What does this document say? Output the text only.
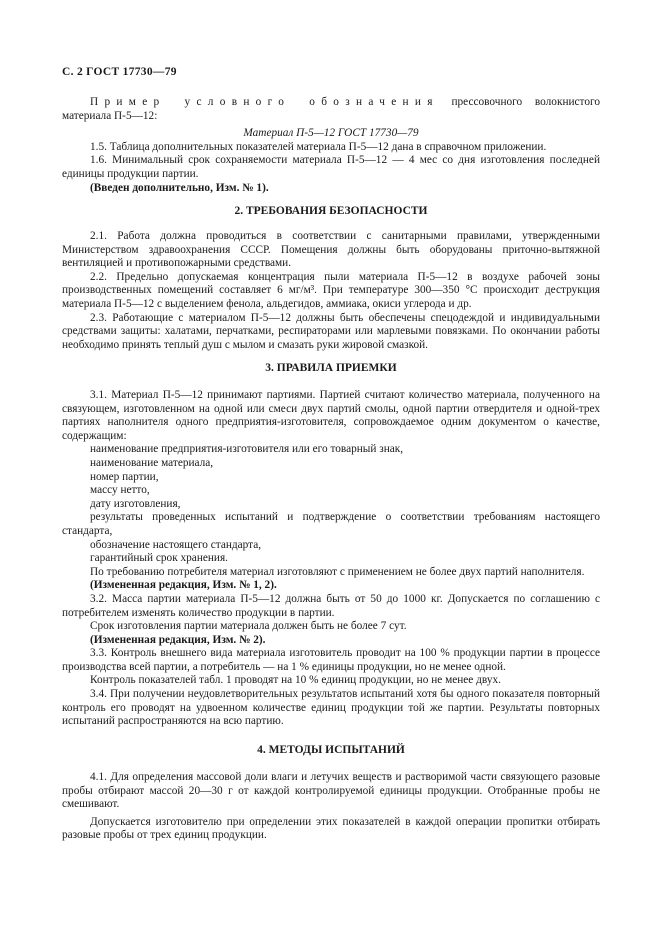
С. 2 ГОСТ 17730—79

Пример условного обозначения прессовочного волокнистого материала П-5—12:

Материал П-5—12 ГОСТ 17730—79

1.5. Таблица дополнительных показателей материала П-5—12 дана в справочном приложении.

1.6. Минимальный срок сохраняемости материала П-5—12 — 4 мес со дня изготовления последней единицы продукции партии.

(Введен дополнительно, Изм. № 1).

2. ТРЕБОВАНИЯ БЕЗОПАСНОСТИ

2.1. Работа должна проводиться в соответствии с санитарными правилами, утвержденными Министерством здравоохранения СССР. Помещения должны быть оборудованы приточно-вытяжной вентиляцией и противопожарными средствами.

2.2. Предельно допускаемая концентрация пыли материала П-5—12 в воздухе рабочей зоны производственных помещений составляет 6 мг/м³. При температуре 300—350 °С происходит деструкция материала П-5—12 с выделением фенола, альдегидов, аммиака, окиси углерода и др.

2.3. Работающие с материалом П-5—12 должны быть обеспечены спецодеждой и индивидуальными средствами защиты: халатами, перчатками, респираторами или марлевыми повязками. По окончании работы необходимо принять теплый душ с мылом и смазать руки жировой смазкой.

3. ПРАВИЛА ПРИЕМКИ

3.1. Материал П-5—12 принимают партиями. Партией считают количество материала, полученного на связующем, изготовленном на одной или смеси двух партий смолы, одной партии отвердителя и одной-трех партиях наполнителя одного предприятия-изготовителя, сопровождаемое одним документом о качестве, содержащим:

наименование предприятия-изготовителя или его товарный знак,

наименование материала,

номер партии,

массу нетто,

дату изготовления,

результаты проведенных испытаний и подтверждение о соответствии требованиям настоящего стандарта,

обозначение настоящего стандарта,

гарантийный срок хранения.

По требованию потребителя материал изготовляют с применением не более двух партий наполнителя.

(Измененная редакция, Изм. № 1, 2).

3.2. Масса партии материала П-5—12 должна быть от 50 до 1000 кг. Допускается по соглашению с потребителем изменять количество продукции в партии.

Срок изготовления партии материала должен быть не более 7 сут.

(Измененная редакция, Изм. № 2).

3.3. Контроль внешнего вида материала изготовитель проводит на 100 % продукции партии в процессе производства всей партии, а потребитель — на 1 % единицы продукции, но не менее одной.

Контроль показателей табл. 1 проводят на 10 % единиц продукции, но не менее двух.

3.4. При получении неудовлетворительных результатов испытаний хотя бы одного показателя повторный контроль его проводят на удвоенном количестве единиц продукции той же партии. Результаты повторных испытаний распространяются на всю партию.

4. МЕТОДЫ ИСПЫТАНИЙ

4.1. Для определения массовой доли влаги и летучих веществ и растворимой части связующего разовые пробы отбирают массой 20—30 г от каждой контролируемой единицы продукции. Отобранные пробы не смешивают.

Допускается изготовителю при определении этих показателей в каждой операции пропитки отбирать разовые пробы от трех единиц продукции.
